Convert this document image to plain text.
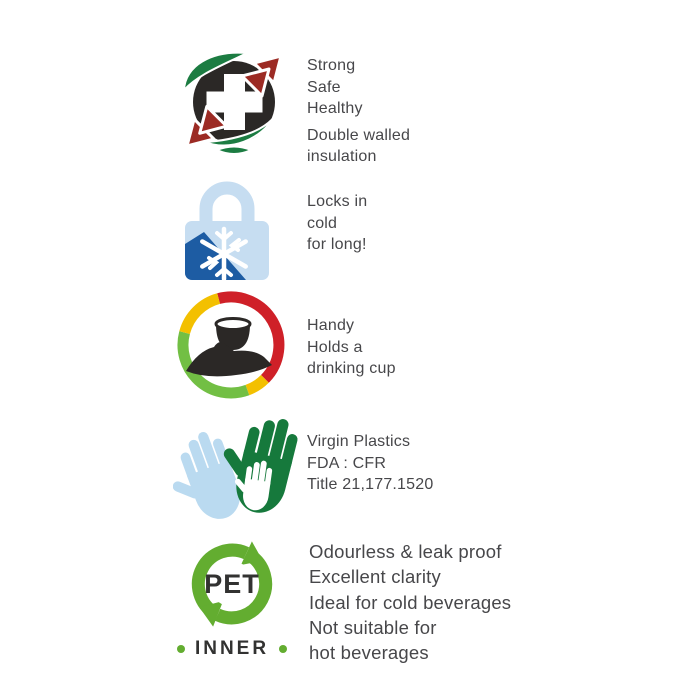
Strong
Safe
Healthy
Double walled
insulation
Locks in
cold
for long!
Handy
Holds a
drinking cup
Virgin Plastics
FDA : CFR
Title 21,177.1520
PET
INNER
Odourless & leak proof
Excellent clarity
Ideal for cold beverages
Not suitable for
hot beverages
